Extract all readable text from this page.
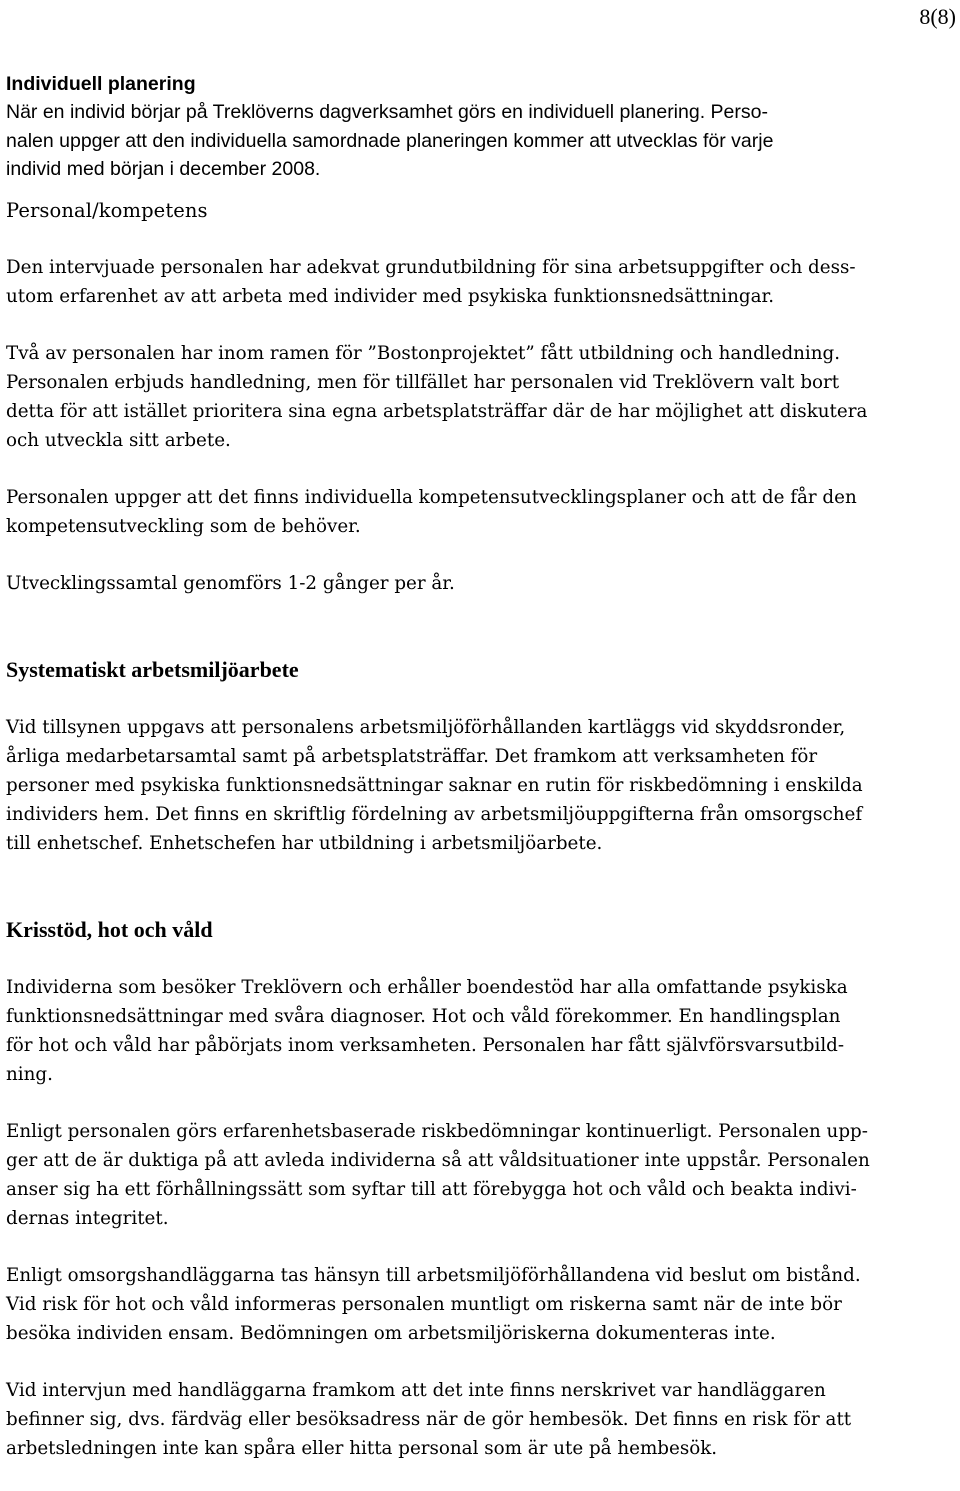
8(8)

Individuell planering

När en individ börjar på Treklöverns dagverksamhet görs en individuell planering. Perso-
nalen uppger att den individuella samordnade planeringen kommer att utvecklas för varje
individ med början i december 2008.

Personal/kompetens

Den intervjuade personalen har adekvat grundutbildning för sina arbetsuppgifter och dess-
utom erfarenhet av att arbeta med individer med psykiska funktionsnedsättningar.

Två av personalen har inom ramen för ”Bostonprojektet” fått utbildning och handledning.
Personalen erbjuds handledning, men för tillfället har personalen vid Treklövern valt bort
detta för att istället prioritera sina egna arbetsplatsträffar där de har möjlighet att diskutera
och utveckla sitt arbete.

Personalen uppger att det finns individuella kompetensutvecklingsplaner och att de får den
kompetensutveckling som de behöver.

Utvecklingssamtal genomförs 1-2 gånger per år.

Systematiskt arbetsmiljöarbete

Vid tillsynen uppgavs att personalens arbetsmiljöförhållanden kartläggs vid skyddsronder,
årliga medarbetarsamtal samt på arbetsplatsträffar. Det framkom att verksamheten för
personer med psykiska funktionsnedsättningar saknar en rutin för riskbedömning i enskilda
individers hem. Det finns en skriftlig fördelning av arbetsmiljöuppgifterna från omsorgschef
till enhetschef. Enhetschefen har utbildning i arbetsmiljöarbete.

Krisstöd, hot och våld

Individerna som besöker Treklövern och erhåller boendestöd har alla omfattande psykiska
funktionsnedsättningar med svåra diagnoser. Hot och våld förekommer. En handlingsplan
för hot och våld har påbörjats inom verksamheten. Personalen har fått självförsvarsutbild-
ning.

Enligt personalen görs erfarenhetsbaserade riskbedömningar kontinuerligt. Personalen upp-
ger att de är duktiga på att avleda individerna så att våldsituationer inte uppstår. Personalen
anser sig ha ett förhållningssätt som syftar till att förebygga hot och våld och beakta indivi-
dernas integritet.

Enligt omsorgshandläggarna tas hänsyn till arbetsmiljöförhållandena vid beslut om bistånd.
Vid risk för hot och våld informeras personalen muntligt om riskerna samt när de inte bör
besöka individen ensam. Bedömningen om arbetsmiljöriskerna dokumenteras inte.

Vid intervjun med handläggarna framkom att det inte finns nerskrivet var handläggaren
befinner sig, dvs. färdväg eller besöksadress när de gör hembesök. Det finns en risk för att
arbetsledningen inte kan spåra eller hitta personal som är ute på hembesök.
